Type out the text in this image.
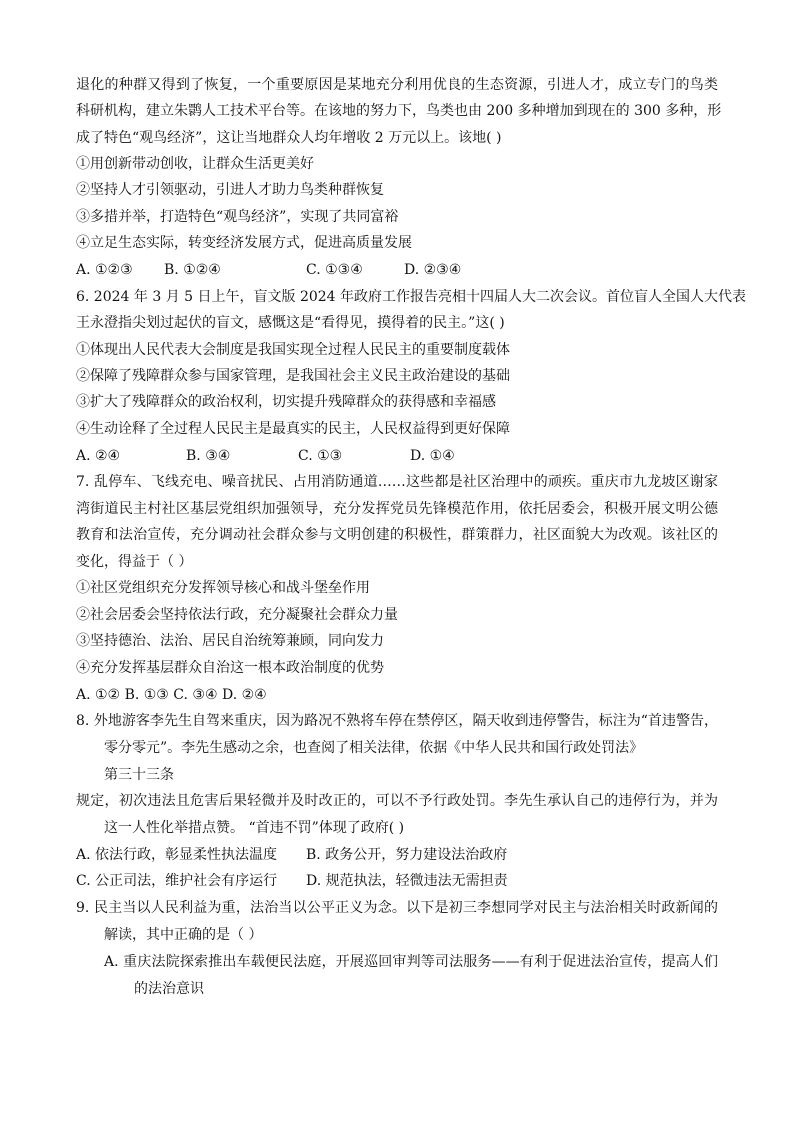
退化的种群又得到了恢复，一个重要原因是某地充分利用优良的生态资源，引进人才，成立专门的鸟类
科研机构，建立朱鹮人工技术平台等。在该地的努力下，鸟类也由 200 多种增加到现在的 300 多种，形
成了特色“观鸟经济”，这让当地群众人均年增收 2 万元以上。该地( )
①用创新带动创收，让群众生活更美好
②坚持人才引领驱动，引进人才助力鸟类种群恢复
③多措并举，打造特色“观鸟经济”，实现了共同富裕
④立足生态实际，转变经济发展方式，促进高质量发展
A. ①②③ B. ①②④	C. ①③④	D. ②③④
6. 2024 年 3 月 5 日上午，盲文版 2024 年政府工作报告亮相十四届人大二次会议。首位盲人全国人大代表
王永澄指尖划过起伏的盲文，感慨这是“看得见，摸得着的民主。”这( )
①体现出人民代表大会制度是我国实现全过程人民民主的重要制度载体
②保障了残障群众参与国家管理，是我国社会主义民主政治建设的基础
③扩大了残障群众的政治权利，切实提升残障群众的获得感和幸福感
④生动诠释了全过程人民民主是最真实的民主，人民权益得到更好保障
A. ②④	B. ③④	C. ①③	D. ①④
7. 乱停车、飞线充电、噪音扰民、占用消防通道……这些都是社区治理中的顽疾。重庆市九龙坡区谢家
湾街道民主村社区基层党组织加强领导，充分发挥党员先锋模范作用，依托居委会，积极开展文明公德
教育和法治宣传，充分调动社会群众参与文明创建的积极性，群策群力，社区面貌大为改观。该社区的
变化，得益于（ ）
①社区党组织充分发挥领导核心和战斗堡垒作用
②社会居委会坚持依法行政，充分凝聚社会群众力量
③坚持德治、法治、居民自治统筹兼顾，同向发力
④充分发挥基层群众自治这一根本政治制度的优势
A. ①② B. ①③ C. ③④ D. ②④
8. 外地游客李先生自驾来重庆，因为路况不熟将车停在禁停区，隔天收到违停警告，标注为“首违警告，
零分零元”。李先生感动之余，也查阅了相关法律，依据《中华人民共和国行政处罚法》
第三十三条
规定，初次违法且危害后果轻微并及时改正的，可以不予行政处罚。李先生承认自己的违停行为，并为
这一人性化举措点赞。 “首违不罚”体现了政府( )
A. 依法行政，彰显柔性执法温度 B. 政务公开，努力建设法治政府
C. 公正司法，维护社会有序运行 D. 规范执法，轻微违法无需担责
9. 民主当以人民利益为重，法治当以公平正义为念。以下是初三李想同学对民主与法治相关时政新闻的
解读，其中正确的是（ ）
A. 重庆法院探索推出车载便民法庭，开展巡回审判等司法服务——有利于促进法治宣传，提高人们
的法治意识
